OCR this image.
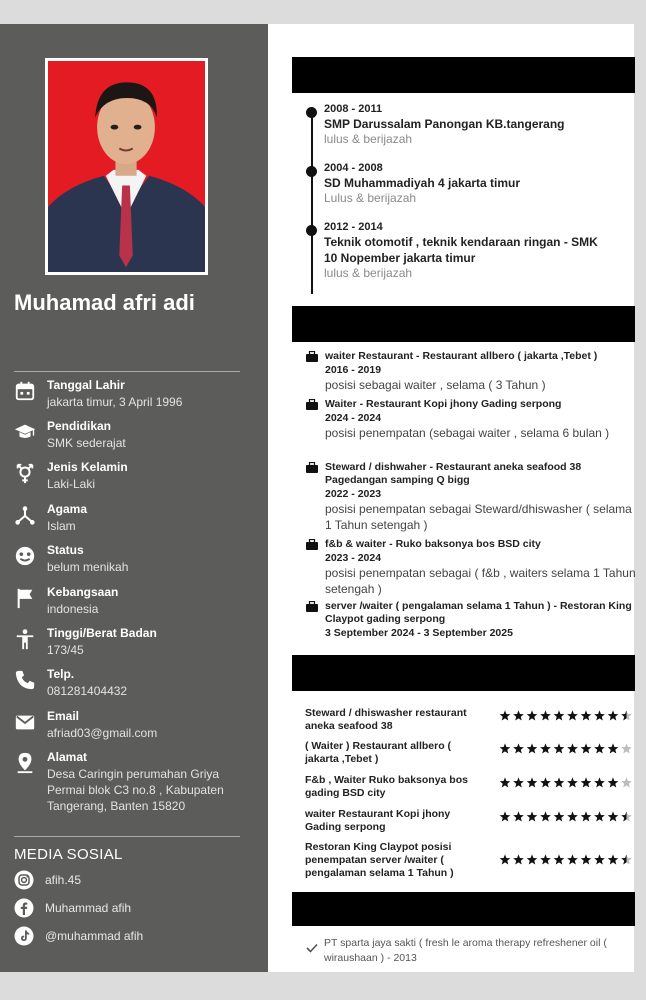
Muhamad afri adi
Tanggal Lahir
jakarta timur, 3 April 1996
Pendidikan
SMK sederajat
Jenis Kelamin
Laki-Laki
Agama
Islam
Status
belum menikah
Kebangsaan
indonesia
Tinggi/Berat Badan
173/45
Telp.
081281404432
Email
afriad03@gmail.com
Alamat
Desa Caringin perumahan Griya Permai blok C3 no.8 , Kabupaten Tangerang, Banten 15820
MEDIA SOSIAL
afih.45
Muhammad afih
@muhammad afih
2008 - 2011
SMP Darussalam Panongan KB.tangerang
lulus & berijazah
2004 - 2008
SD Muhammadiyah 4 jakarta timur
Lulus & berijazah
2012 - 2014
Teknik otomotif , teknik kendaraan ringan - SMK 10 Nopember jakarta timur
lulus & berijazah
waiter Restaurant - Restaurant allbero ( jakarta ,Tebet )
2016 - 2019
posisi sebagai waiter , selama ( 3 Tahun )
Waiter - Restaurant Kopi jhony Gading serpong
2024 - 2024
posisi penempatan (sebagai waiter , selama 6 bulan )
Steward / dishwaher - Restaurant aneka seafood 38 Pagedangan samping Q bigg
2022 - 2023
posisi penempatan sebagai Steward/dhiswasher ( selama 1 Tahun setengah )
f&b & waiter - Ruko baksonya bos BSD city
2023 - 2024
posisi penempatan sebagai ( f&b , waiters selama 1 Tahun setengah )
server /waiter ( pengalaman selama 1 Tahun ) - Restoran King Claypot gading serpong
3 September 2024 - 3 September 2025
Steward / dhiswasher restaurant aneka seafood 38
( Waiter ) Restaurant allbero ( jakarta ,Tebet )
F&b , Waiter Ruko baksonya bos gading BSD city
waiter Restaurant Kopi jhony Gading serpong
Restoran King Claypot posisi penempatan server /waiter ( pengalaman selama 1 Tahun )
PT sparta jaya sakti ( fresh le aroma therapy refreshener oil ( wiraushaan ) - 2013
